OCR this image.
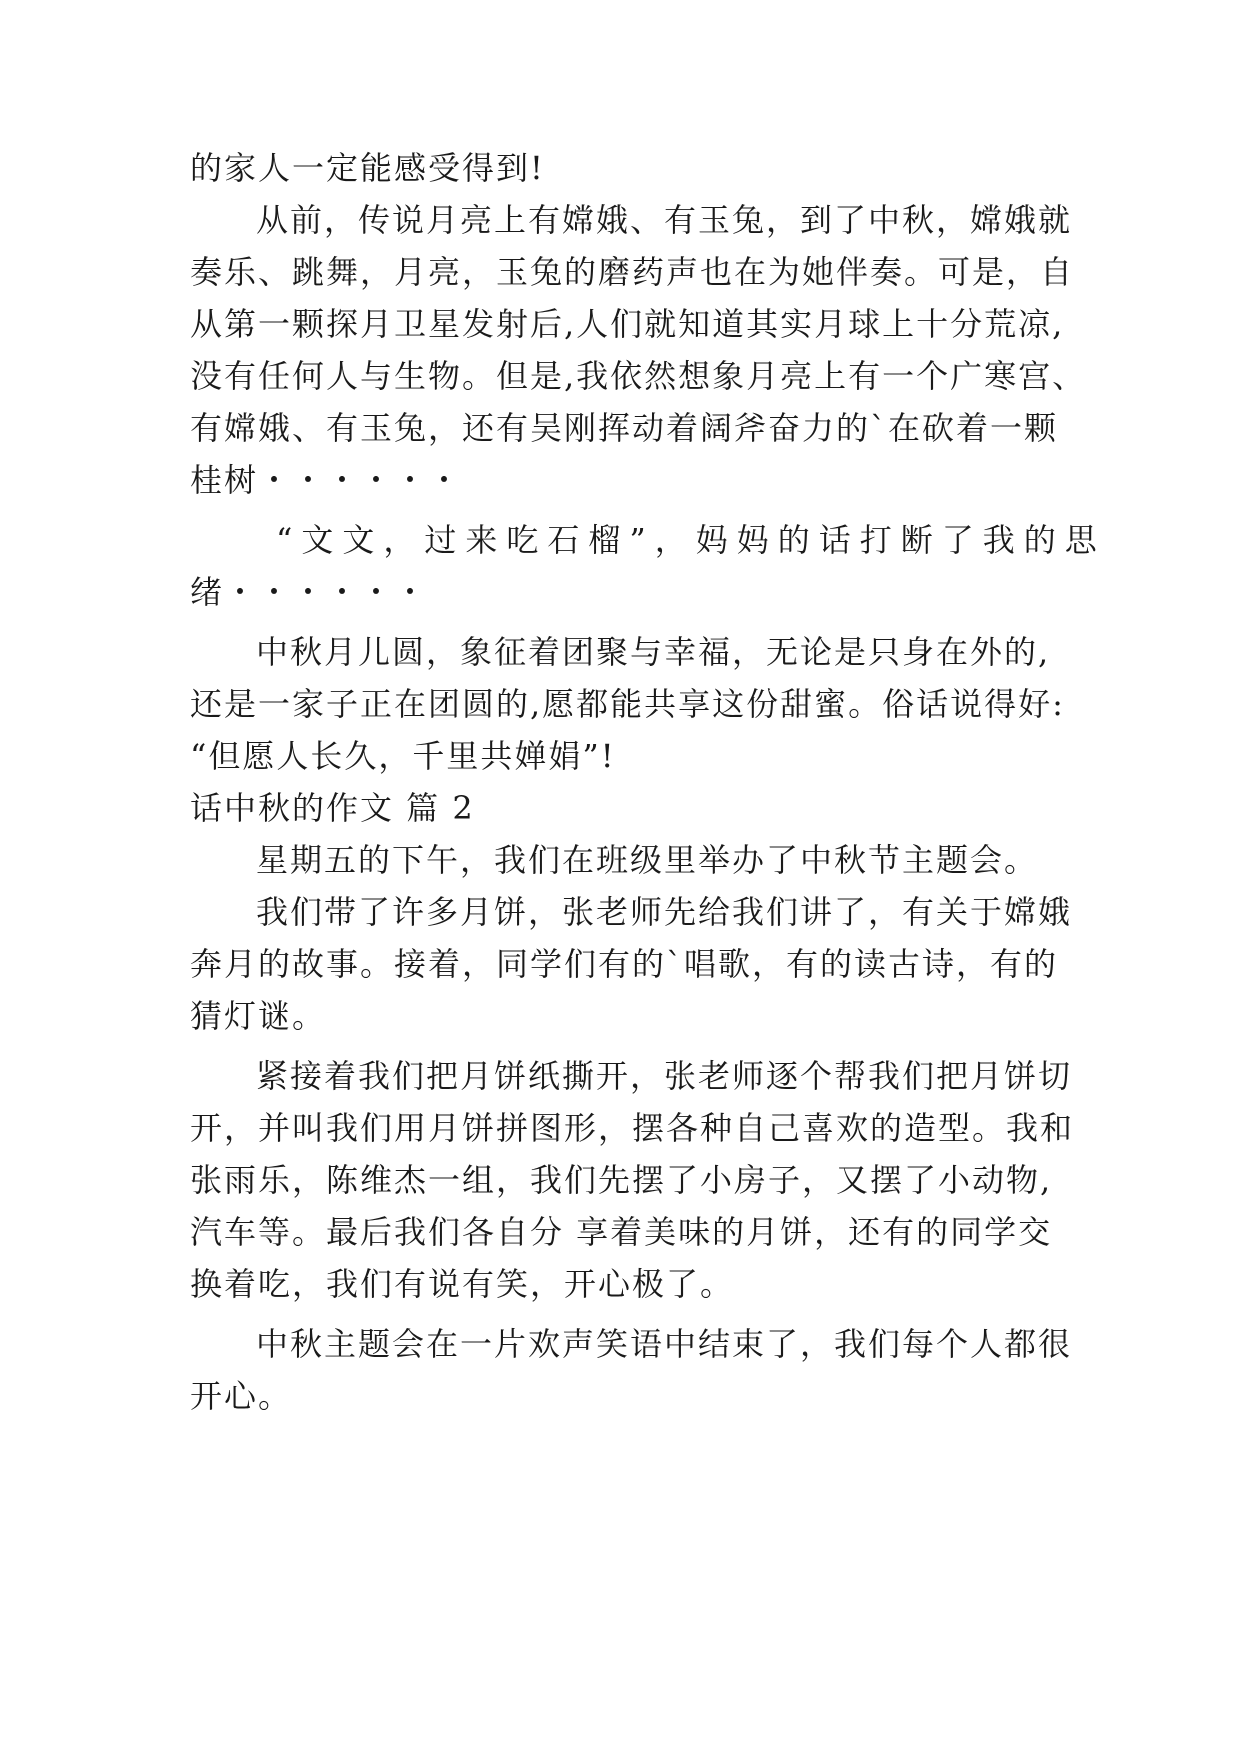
的家人一定能感受得到!
从前，传说月亮上有嫦娥、有玉兔，到了中秋，嫦娥就
奏乐、跳舞，月亮，玉兔的磨药声也在为她伴奏。可是，自
从第一颗探月卫星发射后,人们就知道其实月球上十分荒凉,
没有任何人与生物。但是,我依然想象月亮上有一个广寒宫、
有嫦娥、有玉兔，还有吴刚挥动着阔斧奋力的`在砍着一颗
桂树・・・・・・
“文文，过来吃石榴”，妈妈的话打断了我的思
绪・・・・・・
中秋月儿圆，象征着团聚与幸福，无论是只身在外的,
还是一家子正在团圆的,愿都能共享这份甜蜜。俗话说得好:
“但愿人长久，千里共婵娟”!
话中秋的作文 篇 2
星期五的下午，我们在班级里举办了中秋节主题会。
我们带了许多月饼，张老师先给我们讲了，有关于嫦娥
奔月的故事。接着，同学们有的`唱歌，有的读古诗，有的
猜灯谜。
紧接着我们把月饼纸撕开，张老师逐个帮我们把月饼切
开，并叫我们用月饼拼图形，摆各种自己喜欢的造型。我和
张雨乐，陈维杰一组，我们先摆了小房子，又摆了小动物,
汽车等。最后我们各自分 享着美味的月饼，还有的同学交
换着吃，我们有说有笑，开心极了。
中秋主题会在一片欢声笑语中结束了，我们每个人都很
开心。
